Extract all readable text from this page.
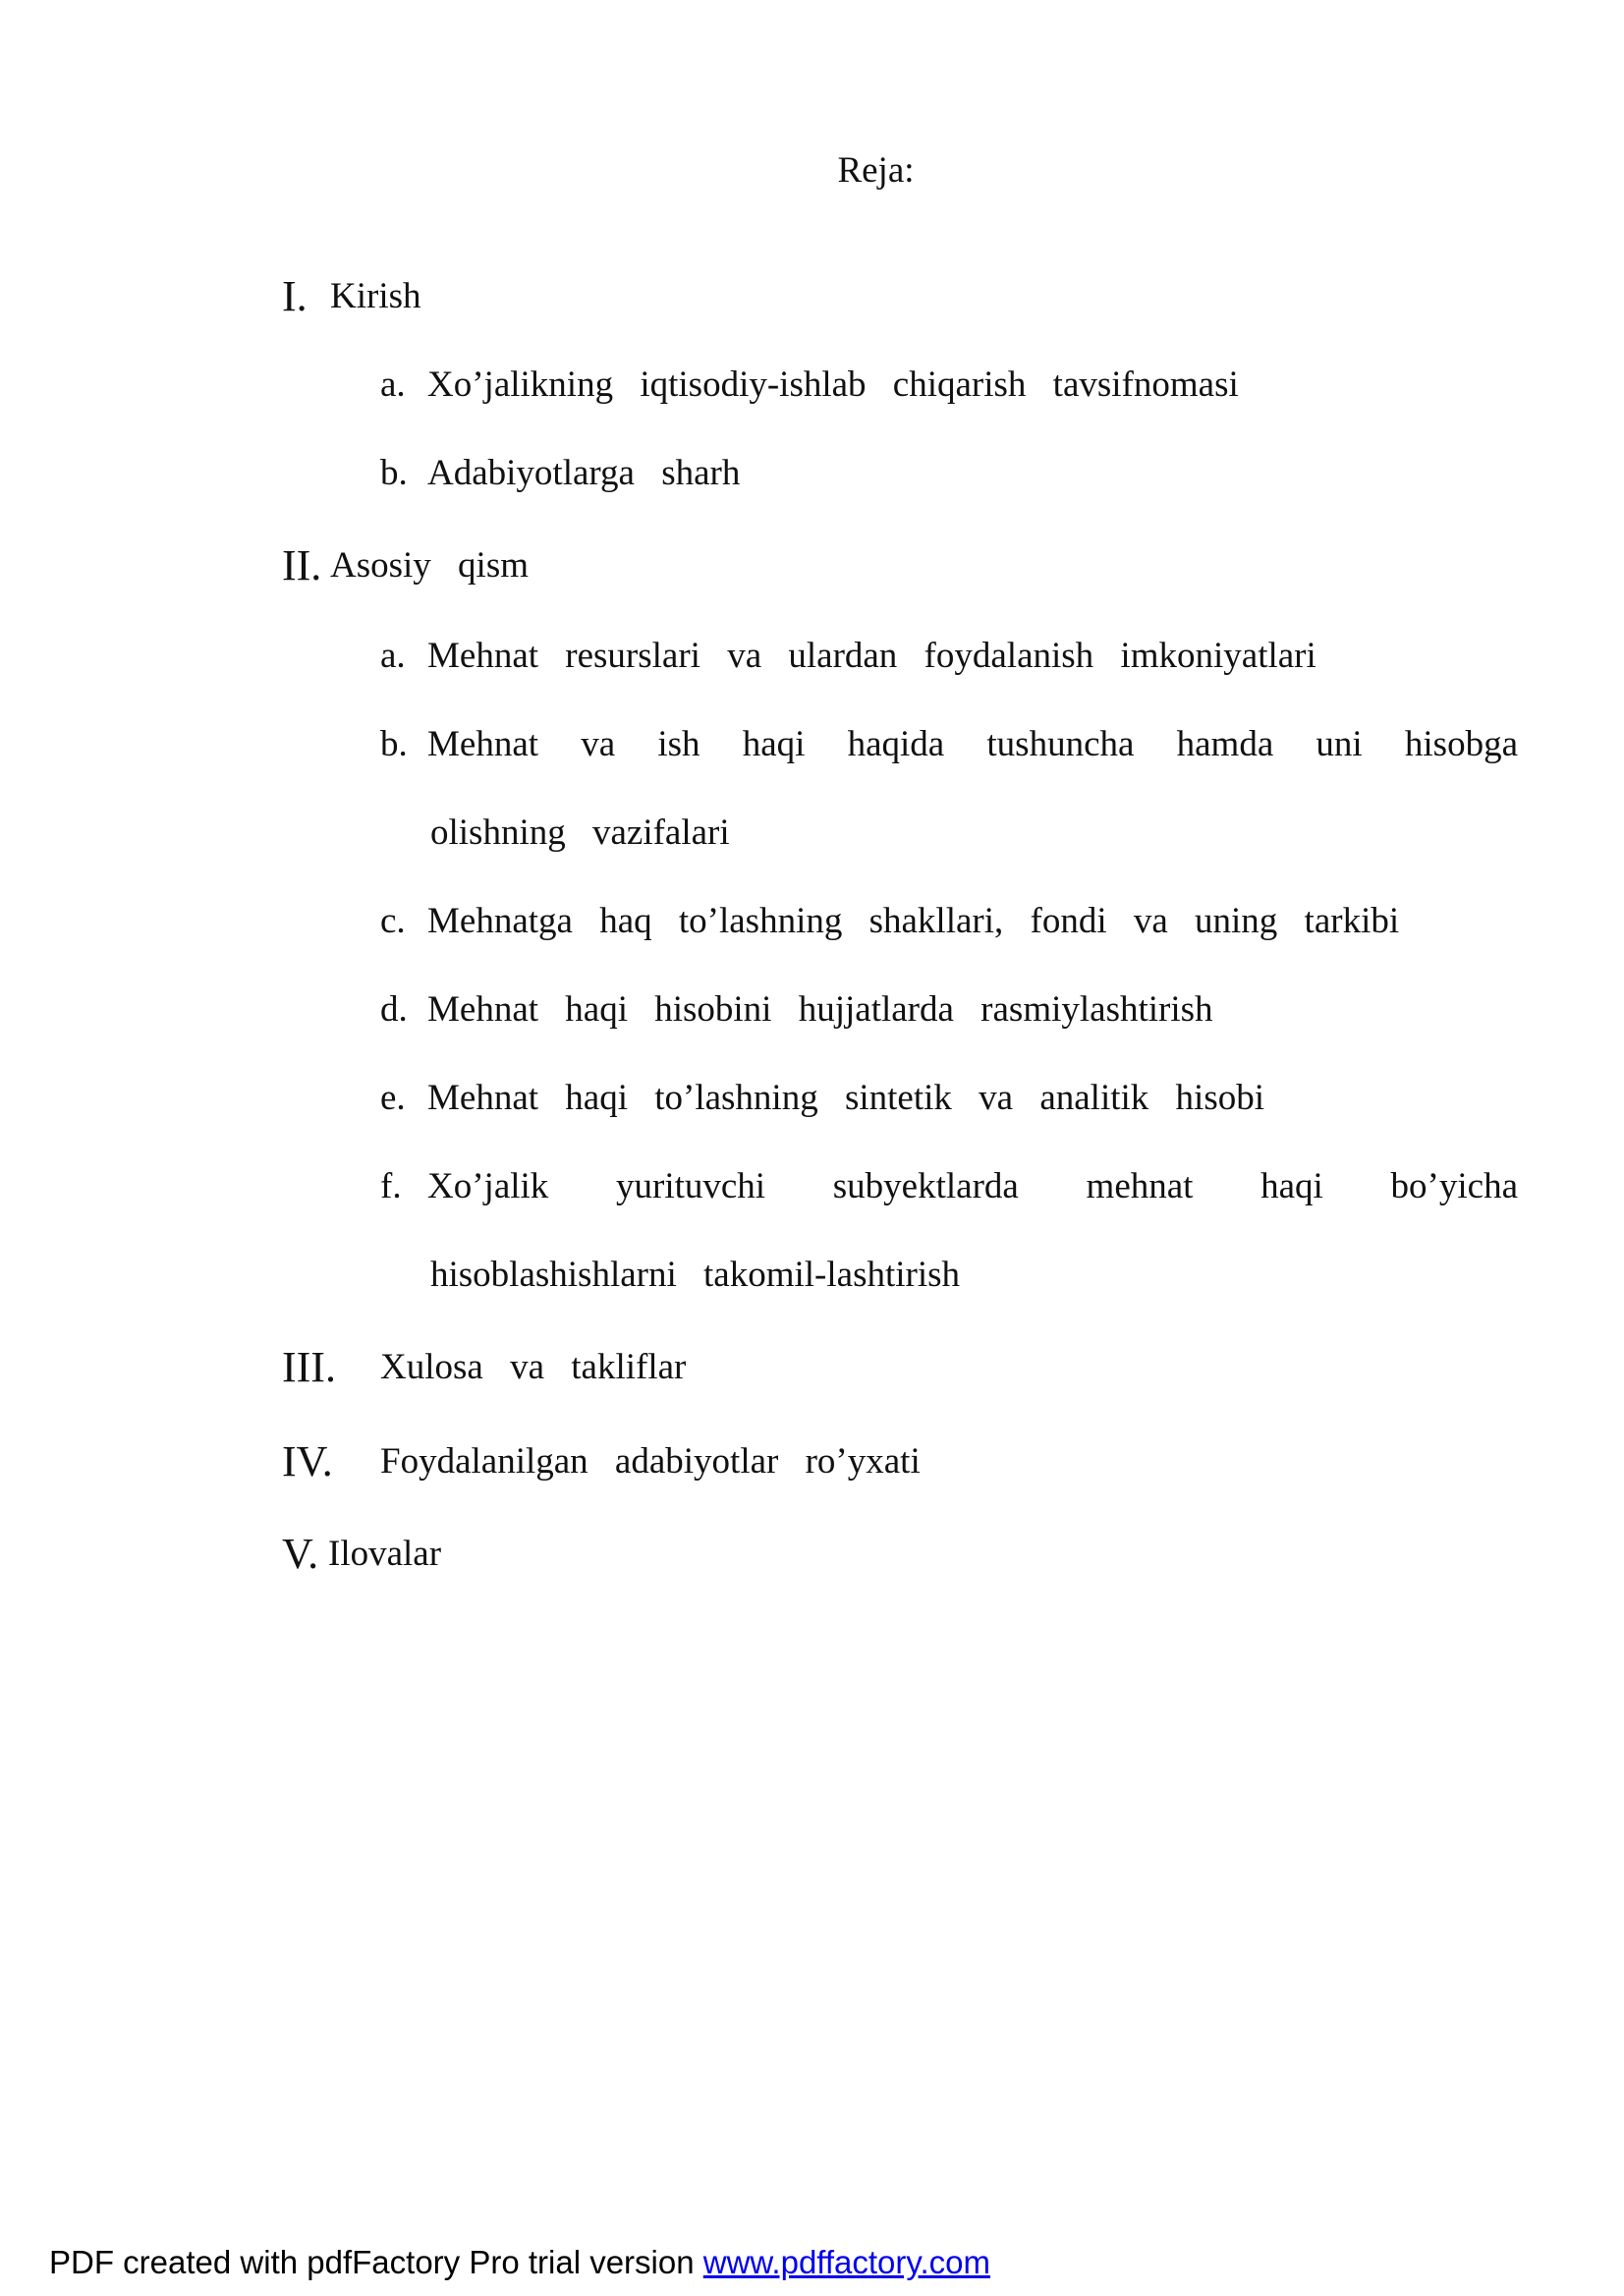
Reja:
I. Kirish
a. Xo’jalikning iqtisodiy-ishlab chiqarish tavsifnomasi
b. Adabiyotlarga sharh
II. Asosiy qism
a. Mehnat resurslari va ulardan foydalanish imkoniyatlari
b. Mehnat va ish haqi haqida tushuncha hamda uni hisobga
olishning vazifalari
c. Mehnatga haq to’lashning shakllari, fondi va uning tarkibi
d. Mehnat haqi hisobini hujjatlarda rasmiylashtirish
e. Mehnat haqi to’lashning sintetik va analitik hisobi
f. Xo’jalik yurituvchi subyektlarda mehnat haqi bo’yicha
hisoblashishlarni takomil-lashtirish
III. Xulosa va takliflar
IV. Foydalanilgan adabiyotlar ro’yxati
V. Ilovalar
PDF created with pdfFactory Pro trial version www.pdffactory.com
